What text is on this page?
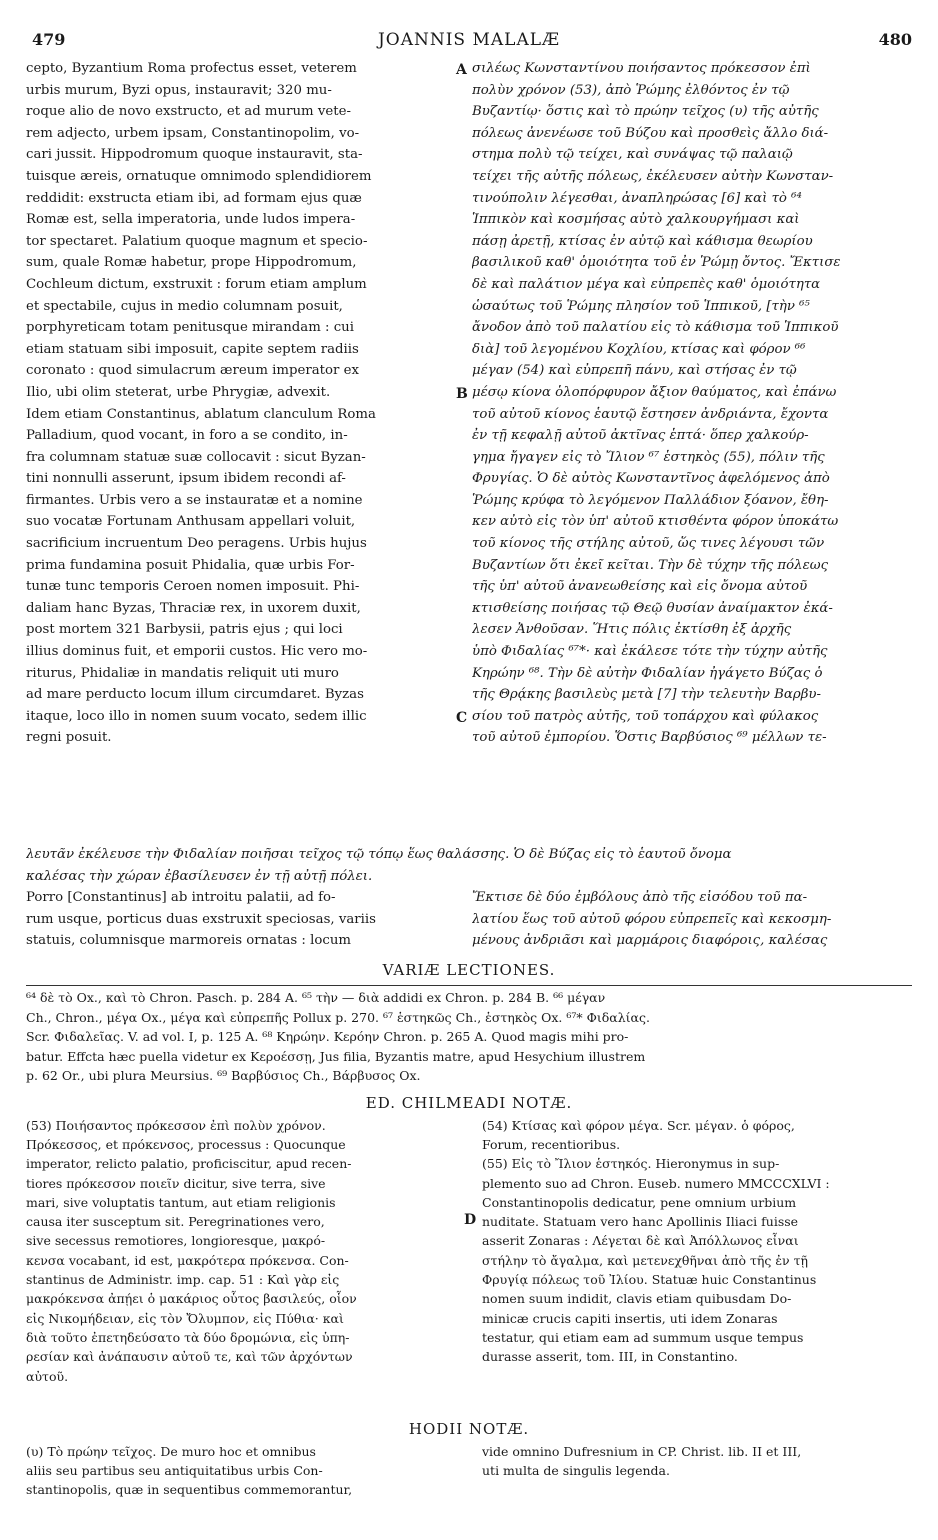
479	JOANNIS MALALÆ	480
cepto, Byzantium Roma profectus esset, veterem
urbis murum, Byzi opus, instauravit; 320 mu-
roque alio de novo exstructo, et ad murum vete-
rem adjecto, urbem ipsam, Constantinopolim, vo-
cari jussit. Hippodromum quoque instauravit, sta-
tuisque æreis, ornatuque omnimodo splendidiorem
reddidit: exstructa etiam ibi, ad formam ejus quæ
Romæ est, sella imperatoria, unde ludos impera-
tor spectaret. Palatium quoque magnum et specio-
sum, quale Romæ habetur, prope Hippodromum,
Cochleum dictum, exstruxit : forum etiam amplum
et spectabile, cujus in medio columnam posuit,
porphyreticam totam penitusque mirandam : cui
etiam statuam sibi imposuit, capite septem radiis
coronato : quod simulacrum æreum imperator ex
Ilio, ubi olim steterat, urbe Phrygiæ, advexit.
Idem etiam Constantinus, ablatum clanculum Roma
Palladium, quod vocant, in foro a se condito, in-
fra columnam statuæ suæ collocavit : sicut Byzan-
tini nonnulli asserunt, ipsum ibidem recondi af-
firmantes. Urbis vero a se instauratæ et a nomine
suo vocatæ Fortunam Anthusam appellari voluit,
sacrificium incruentum Deo peragens. Urbis hujus
prima fundamina posuit Phidalia, quæ urbis For-
tunæ tunc temporis Ceroen nomen imposuit. Phi-
daliam hanc Byzas, Thraciæ rex, in uxorem duxit,
post mortem 321 Barbysii, patris ejus ; qui loci
illius dominus fuit, et emporii custos. Hic vero mo-
riturus, Phidaliæ in mandatis reliquit uti muro
ad mare perducto locum illum circumdaret. Byzas
itaque, loco illo in nomen suum vocato, sedem illic
regni posuit.
σιλέως Κωνσταντίνου ποιήσαντος πρόκεσσον ἐπὶ
πολὺν χρόνον (53), ἀπὸ Ῥώμης ἐλθόντος ἐν τῷ
Βυζαντίῳ· ὅστις καὶ τὸ πρώην τεῖχος (υ) τῆς αὐτῆς
πόλεως ἀνενέωσε τοῦ Βύζου καὶ προσθεὶς ἄλλο διά-
στημα πολὺ τῷ τείχει, καὶ συνάψας τῷ παλαιῷ
τείχει τῆς αὐτῆς πόλεως, ἐκέλευσεν αὐτὴν Κωνσταν-
τινούπολιν λέγεσθαι, ἀναπληρώσας [6] καὶ τὸ ⁶⁴
Ἱππικὸν καὶ κοσμήσας αὐτὸ χαλκουργήμασι καὶ
πάσῃ ἀρετῇ, κτίσας ἐν αὐτῷ καὶ κάθισμα θεωρίου
βασιλικοῦ καθ' ὁμοιότητα τοῦ ἐν Ῥώμῃ ὄντος. Ἔκτισε
δὲ καὶ παλάτιον μέγα καὶ εὐπρεπὲς καθ' ὁμοιότητα
ὡσαύτως τοῦ Ῥώμης πλησίον τοῦ Ἱππικοῦ, [τὴν ⁶⁵
ἄνοδον ἀπὸ τοῦ παλατίου εἰς τὸ κάθισμα τοῦ Ἱππικοῦ
διὰ] τοῦ λεγομένου Κοχλίου, κτίσας καὶ φόρον ⁶⁶
μέγαν (54) καὶ εὐπρεπῆ πάνυ, καὶ στήσας ἐν τῷ
μέσῳ κίονα ὁλοπόρφυρον ἄξιον θαύματος, καὶ ἐπάνω
τοῦ αὐτοῦ κίονος ἑαυτῷ ἔστησεν ἀνδριάντα, ἔχοντα
ἐν τῇ κεφαλῇ αὐτοῦ ἀκτῖνας ἑπτά· ὅπερ χαλκούρ-
γημα ἤγαγεν εἰς τὸ Ἴλιον ⁶⁷ ἑστηκὸς (55), πόλιν τῆς
Φρυγίας. Ὁ δὲ αὐτὸς Κωνσταντῖνος ἀφελόμενος ἀπὸ
Ῥώμης κρύφα τὸ λεγόμενον Παλλάδιον ξόανον, ἔθη-
κεν αὐτὸ εἰς τὸν ὑπ' αὐτοῦ κτισθέντα φόρον ὑποκάτω
τοῦ κίονος τῆς στήλης αὐτοῦ, ὥς τινες λέγουσι τῶν
Βυζαντίων ὅτι ἐκεῖ κεῖται. Τὴν δὲ τύχην τῆς πόλεως
τῆς ὑπ' αὐτοῦ ἀνανεωθείσης καὶ εἰς ὄνομα αὐτοῦ
κτισθείσης ποιήσας τῷ Θεῷ θυσίαν ἀναίμακτον ἐκά-
λεσεν Ἀνθοῦσαν. Ἥτις πόλις ἐκτίσθη ἐξ ἀρχῆς
ὑπὸ Φιδαλίας ⁶⁷*· καὶ ἐκάλεσε τότε τὴν τύχην αὐτῆς
Κηρώην ⁶⁸. Τὴν δὲ αὐτὴν Φιδαλίαν ἠγάγετο Βύζας ὁ
τῆς Θρᾴκης βασιλεὺς μετὰ [7] τὴν τελευτὴν Βαρβυ-
σίου τοῦ πατρὸς αὐτῆς, τοῦ τοπάρχου καὶ φύλακος
τοῦ αὐτοῦ ἐμπορίου. Ὅστις Βαρβύσιος ⁶⁹ μέλλων τε-
A
B
C
λευτᾶν ἐκέλευσε τὴν Φιδαλίαν ποιῆσαι τεῖχος τῷ τόπῳ ἕως θαλάσσης. Ὁ δὲ Βύζας εἰς τὸ ἑαυτοῦ ὄνομα
καλέσας τὴν χώραν ἐβασίλευσεν ἐν τῇ αὐτῇ πόλει.
Porro [Constantinus] ab introitu palatii, ad fo-
rum usque, porticus duas exstruxit speciosas, variis
statuis, columnisque marmoreis ornatas : locum
Ἔκτισε δὲ δύο ἐμβόλους ἀπὸ τῆς εἰσόδου τοῦ πα-
λατίου ἕως τοῦ αὐτοῦ φόρου εὐπρεπεῖς καὶ κεκοσμη-
μένους ἀνδριᾶσι καὶ μαρμάροις διαφόροις, καλέσας
VARIÆ LECTIONES.
⁶⁴ δὲ τὸ Ox., καὶ τὸ Chron. Pasch. p. 284 A. ⁶⁵ τὴν — διὰ addidi ex Chron. p. 284 B. ⁶⁶ μέγαν
Ch., Chron., μέγα Ox., μέγα καὶ εὐπρεπῆς Pollux p. 270. ⁶⁷ ἑστηκῶς Ch., ἑστηκὸς Ox. ⁶⁷* Φιδαλίας.
Scr. Φιδαλεῖας. V. ad vol. I, p. 125 A. ⁶⁸ Κηρώην. Κερόην Chron. p. 265 A. Quod magis mihi pro-
batur. Effcta hæc puella videtur ex Κεροέσσῃ, Jus filia, Byzantis matre, apud Hesychium illustrem
p. 62 Or., ubi plura Meursius. ⁶⁹ Βαρβύσιος Ch., Βάρβυσος Ox.
ED. CHILMEADI NOTÆ.
(53) Ποιήσαντος πρόκεσσον ἐπὶ πολὺν χρόνον.
Πρόκεσσος, et πρόκενσος, processus : Quocunque
imperator, relicto palatio, proficiscitur, apud recen-
tiores πρόκεσσον ποιεῖν dicitur, sive terra, sive
mari, sive voluptatis tantum, aut etiam religionis
causa iter susceptum sit. Peregrinationes vero,
sive secessus remotiores, longioresque, μακρό-
κενσα vocabant, id est, μακρότερα πρόκενσα. Con-
stantinus de Administr. imp. cap. 51 : Καὶ γὰρ εἰς
μακρόκενσα ἀπῄει ὁ μακάριος οὗτος βασιλεύς, οἷον
εἰς Νικομήδειαν, εἰς τὸν Ὄλυμπον, εἰς Πύθια· καὶ
διὰ τοῦτο ἐπετηδεύσατο τὰ δύο δρομώνια, εἰς ὑπη-
ρεσίαν καὶ ἀνάπαυσιν αὐτοῦ τε, καὶ τῶν ἀρχόντων
αὐτοῦ.
(54) Κτίσας καὶ φόρον μέγα. Scr. μέγαν. ὁ φόρος,
Forum, recentioribus.
(55) Εἰς τὸ Ἴλιον ἑστηκός. Hieronymus in sup-
plemento suo ad Chron. Euseb. numero MMCCCXLVI :
Constantinopolis dedicatur, pene omnium urbium
nuditate. Statuam vero hanc Apollinis Iliaci fuisse
asserit Zonaras : Λέγεται δὲ καὶ Ἀπόλλωνος εἶναι
στήλην τὸ ἄγαλμα, καὶ μετενεχθῆναι ἀπὸ τῆς ἐν τῇ
Φρυγίᾳ πόλεως τοῦ Ἰλίου. Statuæ huic Constantinus
nomen suum indidit, clavis etiam quibusdam Do-
minicæ crucis capiti insertis, uti idem Zonaras
testatur, qui etiam eam ad summum usque tempus
durasse asserit, tom. III, in Constantino.
D
HODII NOTÆ.
(υ) Τὸ πρώην τεῖχος. De muro hoc et omnibus
aliis seu partibus seu antiquitatibus urbis Con-
stantinopolis, quæ in sequentibus commemorantur,
vide omnino Dufresnium in CP. Christ. lib. II et III,
uti multa de singulis legenda.
